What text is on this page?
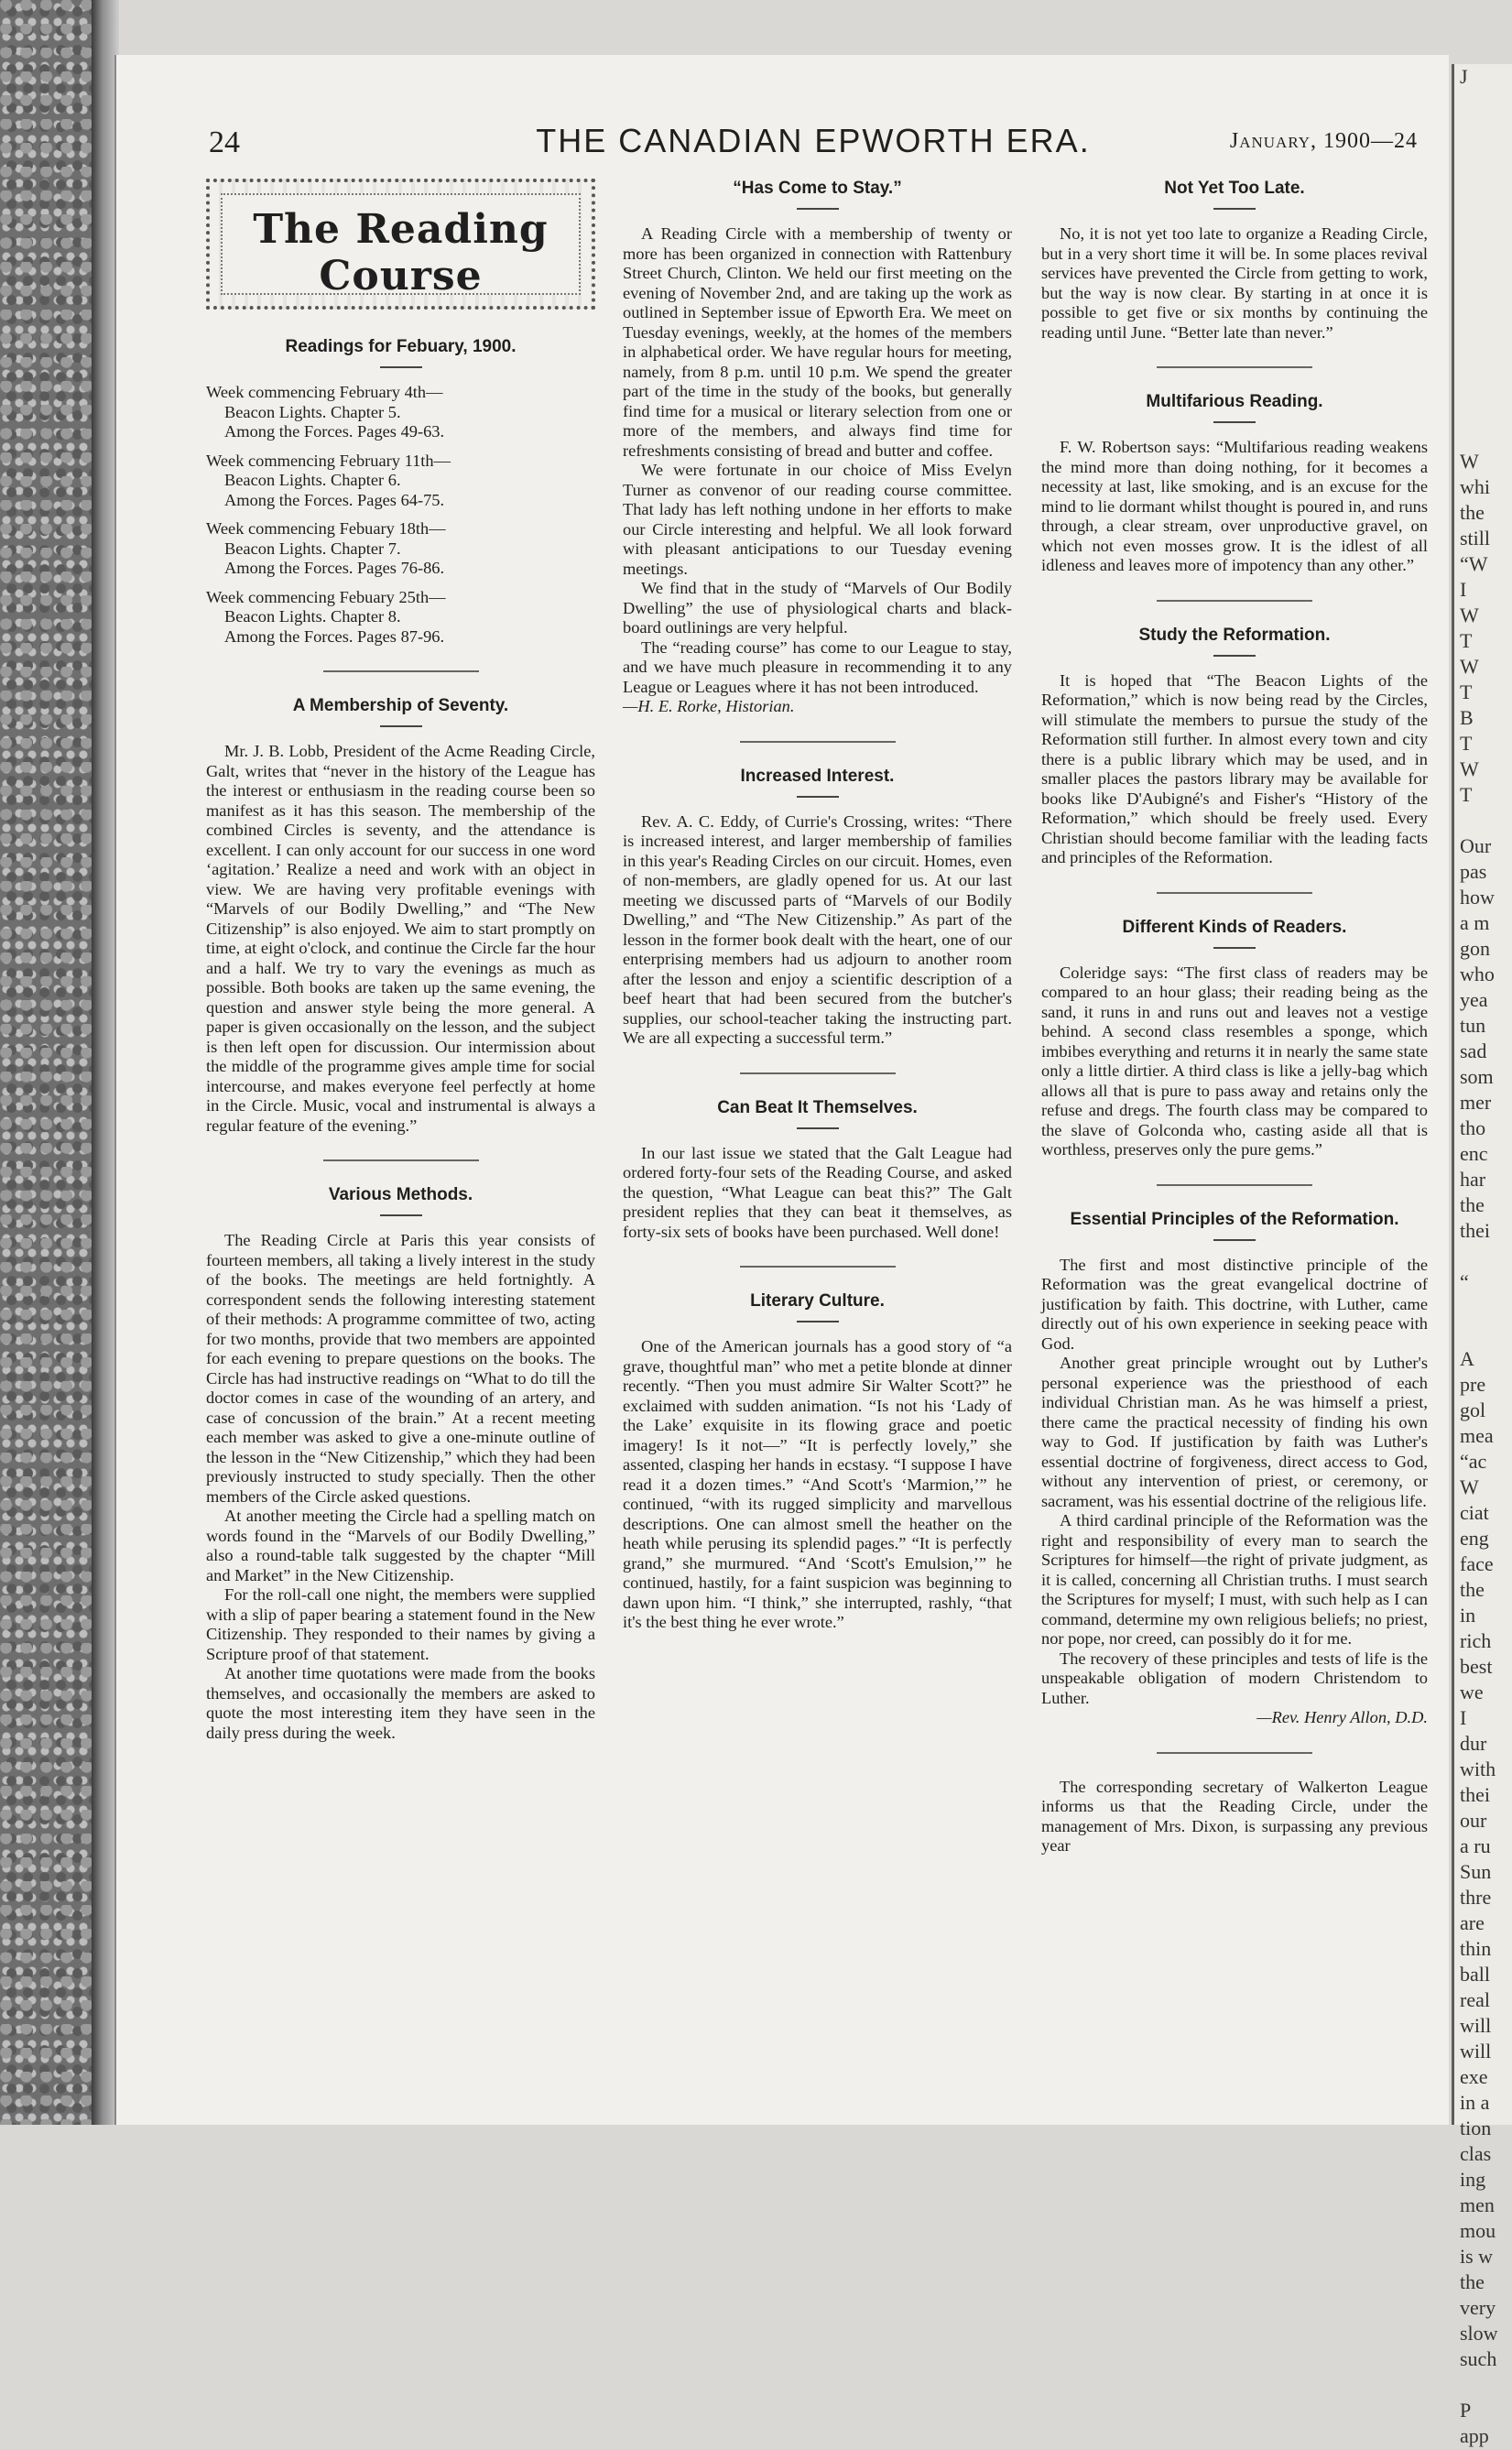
J

W
whi
the
still
“W
I
W
T
W
T
B
T
W
T

Our
pas
how
a m
gon
who
yea
tun
sad
som
mer
tho
enc
har
the
thei

“

A
pre
gol
mea
“ac
W
ciat
eng
face
the
in
rich
best
we
I
dur
with
thei
our
a ru
Sun
thre
are
thin
ball
real
will
will
exe
in a
tion
clas
ing
men
mou
is w
the
very
slow
such

P
app
24	THE CANADIAN EPWORTH ERA.	January, 1900—24
The Reading Course
Readings for Febuary, 1900.
Week commencing February 4th—
Beacon Lights. Chapter 5.
Among the Forces. Pages 49-63.
Week commencing February 11th—
Beacon Lights. Chapter 6.
Among the Forces. Pages 64-75.
Week commencing Febuary 18th—
Beacon Lights. Chapter 7.
Among the Forces. Pages 76-86.
Week commencing Febuary 25th—
Beacon Lights. Chapter 8.
Among the Forces. Pages 87-96.
A Membership of Seventy.

Mr. J. B. Lobb, President of the Acme Reading Circle, Galt, writes that “never in the history of the League has the interest or enthusiasm in the reading course been so manifest as it has this season. The membership of the combined Circles is seventy, and the attendance is excellent. I can only account for our success in one word ‘agitation.’ Realize a need and work with an object in view. We are having very profitable evenings with “Marvels of our Bodily Dwelling,” and “The New Citizenship” is also enjoyed. We aim to start promptly on time, at eight o'clock, and continue the Circle far the hour and a half. We try to vary the evenings as much as possible. Both books are taken up the same evening, the question and answer style being the more general. A paper is given occasionally on the lesson, and the subject is then left open for discussion. Our intermission about the middle of the programme gives ample time for social intercourse, and makes everyone feel perfectly at home in the Circle. Music, vocal and instrumental is always a regular feature of the evening.”

Various Methods.

The Reading Circle at Paris this year consists of fourteen members, all taking a lively interest in the study of the books. The meetings are held fortnightly. A correspondent sends the following interesting statement of their methods: A programme committee of two, acting for two months, provide that two members are appointed for each evening to prepare questions on the books. The Circle has had instructive readings on “What to do till the doctor comes in case of the wounding of an artery, and case of concussion of the brain.” At a recent meeting each member was asked to give a one-minute outline of the lesson in the “New Citizenship,” which they had been previously instructed to study specially. Then the other members of the Circle asked questions.

At another meeting the Circle had a spelling match on words found in the “Marvels of our Bodily Dwelling,” also a round-table talk suggested by the chapter “Mill and Market” in the New Citizenship.

For the roll-call one night, the members were supplied with a slip of paper bearing a statement found in the New Citizenship. They responded to their names by giving a Scripture proof of that statement.

At another time quotations were made from the books themselves, and occasionally the members are asked to quote the most interesting item they have seen in the daily press during the week.

“Has Come to Stay.”

A Reading Circle with a membership of twenty or more has been organized in connection with Rattenbury Street Church, Clinton. We held our first meeting on the evening of November 2nd, and are taking up the work as outlined in September issue of Epworth Era. We meet on Tuesday evenings, weekly, at the homes of the members in alphabetical order. We have regular hours for meeting, namely, from 8 p.m. until 10 p.m. We spend the greater part of the time in the study of the books, but generally find time for a musical or literary selection from one or more of the members, and always find time for refreshments consisting of bread and butter and coffee.

We were fortunate in our choice of Miss Evelyn Turner as convenor of our reading course committee. That lady has left nothing undone in her efforts to make our Circle interesting and helpful. We all look forward with pleasant anticipations to our Tuesday evening meetings.

We find that in the study of “Marvels of Our Bodily Dwelling” the use of physiological charts and black-board outlinings are very helpful.

The “reading course” has come to our League to stay, and we have much pleasure in recommending it to any League or Leagues where it has not been introduced.

—H. E. Rorke, Historian.

Increased Interest.

Rev. A. C. Eddy, of Currie's Crossing, writes: “There is increased interest, and larger membership of families in this year's Reading Circles on our circuit. Homes, even of non-members, are gladly opened for us. At our last meeting we discussed parts of “Marvels of our Bodily Dwelling,” and “The New Citizenship.” As part of the lesson in the former book dealt with the heart, one of our enterprising members had us adjourn to another room after the lesson and enjoy a scientific description of a beef heart that had been secured from the butcher's supplies, our school-teacher taking the instructing part. We are all expecting a successful term.”

Can Beat It Themselves.

In our last issue we stated that the Galt League had ordered forty-four sets of the Reading Course, and asked the question, “What League can beat this?” The Galt president replies that they can beat it themselves, as forty-six sets of books have been purchased. Well done!

Literary Culture.

One of the American journals has a good story of “a grave, thoughtful man” who met a petite blonde at dinner recently. “Then you must admire Sir Walter Scott?” he exclaimed with sudden animation. “Is not his ‘Lady of the Lake’ exquisite in its flowing grace and poetic imagery! Is it not—” “It is perfectly lovely,” she assented, clasping her hands in ecstasy. “I suppose I have read it a dozen times.” “And Scott's ‘Marmion,’” he continued, “with its rugged simplicity and marvellous descriptions. One can almost smell the heather on the heath while perusing its splendid pages.” “It is perfectly grand,” she murmured. “And ‘Scott's Emulsion,’” he continued, hastily, for a faint suspicion was beginning to dawn upon him. “I think,” she interrupted, rashly, “that it's the best thing he ever wrote.”

Not Yet Too Late.

No, it is not yet too late to organize a Reading Circle, but in a very short time it will be. In some places revival services have prevented the Circle from getting to work, but the way is now clear. By starting in at once it is possible to get five or six months by continuing the reading until June. “Better late than never.”

Multifarious Reading.

F. W. Robertson says: “Multifarious reading weakens the mind more than doing nothing, for it becomes a necessity at last, like smoking, and is an excuse for the mind to lie dormant whilst thought is poured in, and runs through, a clear stream, over unproductive gravel, on which not even mosses grow. It is the idlest of all idleness and leaves more of impotency than any other.”

Study the Reformation.

It is hoped that “The Beacon Lights of the Reformation,” which is now being read by the Circles, will stimulate the members to pursue the study of the Reformation still further. In almost every town and city there is a public library which may be used, and in smaller places the pastors library may be available for books like D'Aubigné's and Fisher's “History of the Reformation,” which should be freely used. Every Christian should become familiar with the leading facts and principles of the Reformation.

Different Kinds of Readers.

Coleridge says: “The first class of readers may be compared to an hour glass; their reading being as the sand, it runs in and runs out and leaves not a vestige behind. A second class resembles a sponge, which imbibes everything and returns it in nearly the same state only a little dirtier. A third class is like a jelly-bag which allows all that is pure to pass away and retains only the refuse and dregs. The fourth class may be compared to the slave of Golconda who, casting aside all that is worthless, preserves only the pure gems.”

Essential Principles of the Reformation.

The first and most distinctive principle of the Reformation was the great evangelical doctrine of justification by faith. This doctrine, with Luther, came directly out of his own experience in seeking peace with God.

Another great principle wrought out by Luther's personal experience was the priesthood of each individual Christian man. As he was himself a priest, there came the practical necessity of finding his own way to God. If justification by faith was Luther's essential doctrine of forgiveness, direct access to God, without any intervention of priest, or ceremony, or sacrament, was his essential doctrine of the religious life.

A third cardinal principle of the Reformation was the right and responsibility of every man to search the Scriptures for himself—the right of private judgment, as it is called, concerning all Christian truths. I must search the Scriptures for myself; I must, with such help as I can command, determine my own religious beliefs; no priest, nor pope, nor creed, can possibly do it for me.

The recovery of these principles and tests of life is the unspeakable obligation of modern Christendom to Luther.

—Rev. Henry Allon, D.D.

The corresponding secretary of Walkerton League informs us that the Reading Circle, under the management of Mrs. Dixon, is surpassing any previous year
